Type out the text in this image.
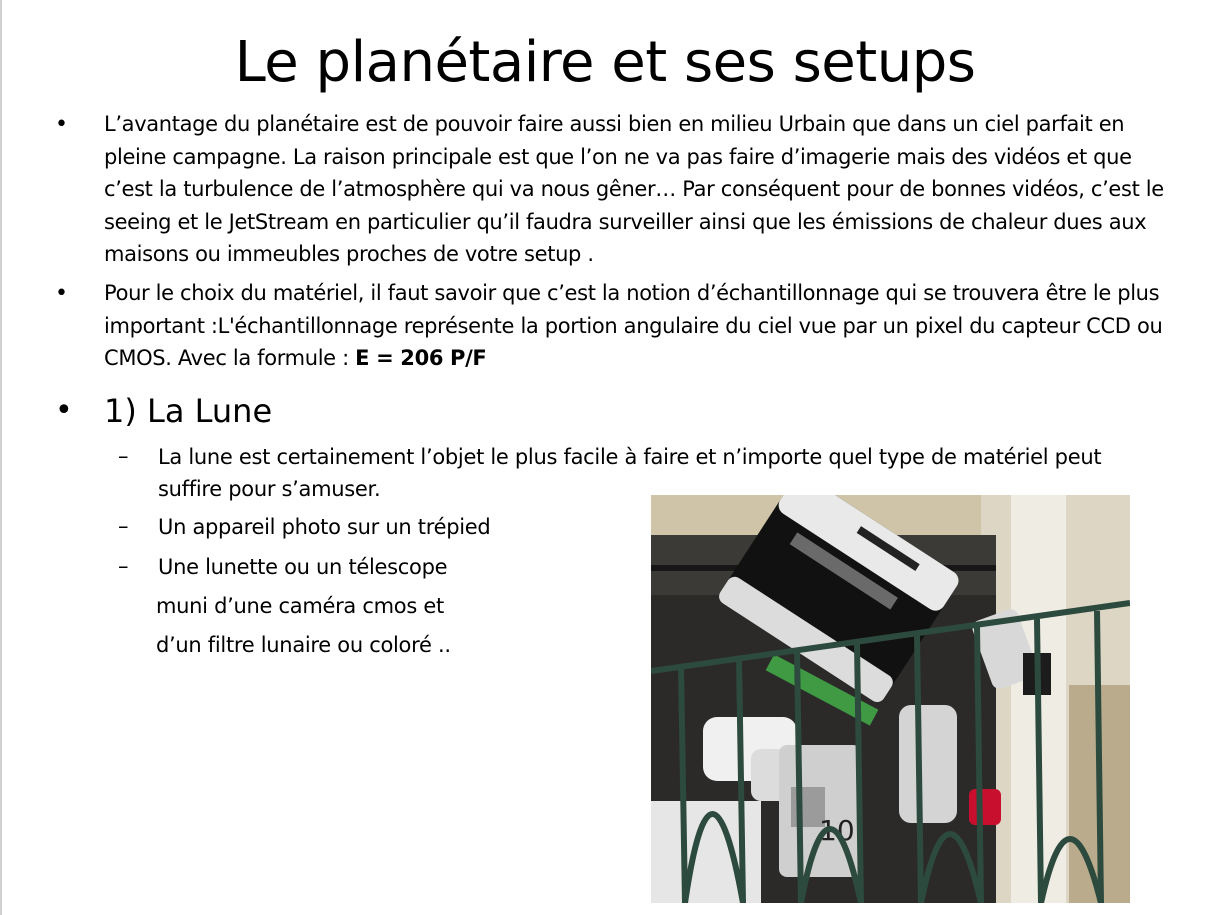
Le planétaire et ses setups
• L’avantage du planétaire est de pouvoir faire aussi bien en milieu Urbain que dans un ciel parfait en pleine campagne. La raison principale est que l’on ne va pas faire d’imagerie mais des vidéos et que c’est la turbulence de l’atmosphère qui va nous gêner… Par conséquent pour de bonnes vidéos, c’est le seeing et le JetStream en particulier qu’il faudra surveiller ainsi que les émissions de chaleur dues aux maisons ou immeubles proches de votre setup .
• Pour le choix du matériel, il faut savoir que c’est la notion d’échantillonnage qui se trouvera être le plus important :L'échantillonnage représente la portion angulaire du ciel vue par un pixel du capteur CCD ou CMOS. Avec la formule : E = 206 P/F
• 1) La Lune
– La lune est certainement l’objet le plus facile à faire et n’importe quel type de matériel peut suffire pour s’amuser.
– Un appareil photo sur un trépied
– Une lunette ou un télescope
muni d’une caméra cmos et
d’un filtre lunaire ou coloré ..
10
